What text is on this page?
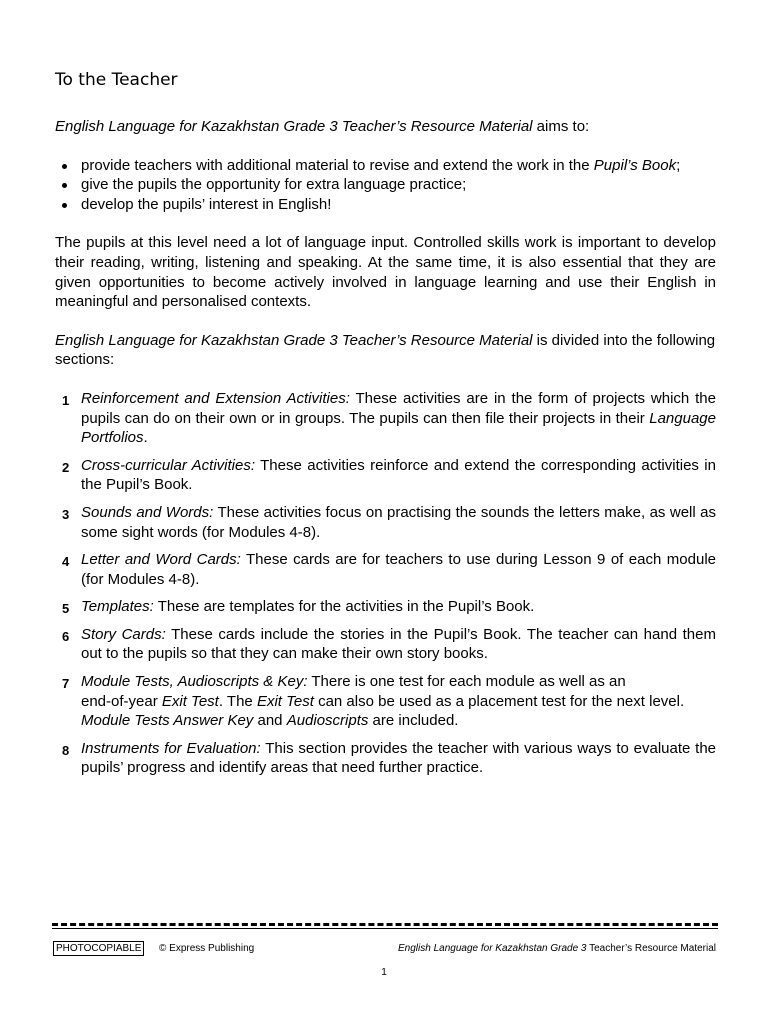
To the Teacher

English Language for Kazakhstan Grade 3 Teacher’s Resource Material aims to:

provide teachers with additional material to revise and extend the work in the Pupil’s Book;
give the pupils the opportunity for extra language practice;
develop the pupils’ interest in English!

The pupils at this level need a lot of language input. Controlled skills work is important to develop their reading, writing, listening and speaking. At the same time, it is also essential that they are given opportunities to become actively involved in language learning and use their English in meaningful and personalised contexts.

English Language for Kazakhstan Grade 3 Teacher’s Resource Material is divided into the following sections:

1 Reinforcement and Extension Activities: These activities are in the form of projects which the pupils can do on their own or in groups. The pupils can then file their projects in their Language Portfolios.
2 Cross-curricular Activities: These activities reinforce and extend the corresponding activities in the Pupil’s Book.
3 Sounds and Words: These activities focus on practising the sounds the letters make, as well as some sight words (for Modules 4-8).
4 Letter and Word Cards: These cards are for teachers to use during Lesson 9 of each module (for Modules 4-8).
5 Templates: These are templates for the activities in the Pupil’s Book.
6 Story Cards: These cards include the stories in the Pupil’s Book. The teacher can hand them out to the pupils so that they can make their own story books.
7 Module Tests, Audioscripts & Key: There is one test for each module as well as an
end-of-year Exit Test. The Exit Test can also be used as a placement test for the next level.
Module Tests Answer Key and Audioscripts are included.
8 Instruments for Evaluation: This section provides the teacher with various ways to evaluate the pupils’ progress and identify areas that need further practice.
PHOTOCOPIABLE	© Express Publishing	English Language for Kazakhstan Grade 3 Teacher’s Resource Material
1
